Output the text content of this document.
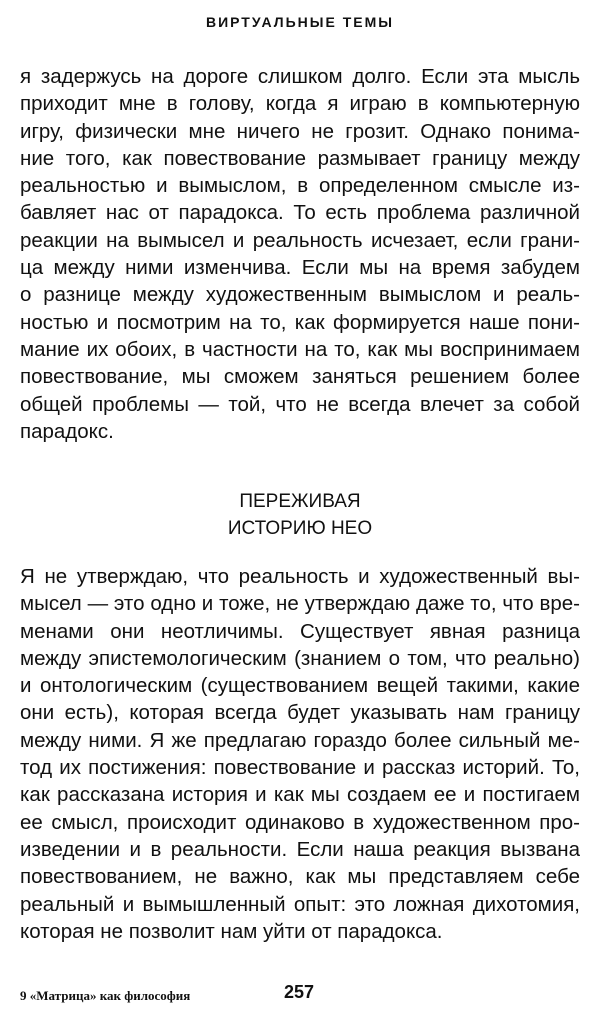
ВИРТУАЛЬНЫЕ ТЕМЫ
я задержусь на дороге слишком долго. Если эта мысль
приходит мне в голову, когда я играю в компьютерную
игру, физически мне ничего не грозит. Однако понима-
ние того, как повествование размывает границу между
реальностью и вымыслом, в определенном смысле из-
бавляет нас от парадокса. То есть проблема различной
реакции на вымысел и реальность исчезает, если грани-
ца между ними изменчива. Если мы на время забудем
о разнице между художественным вымыслом и реаль-
ностью и посмотрим на то, как формируется наше пони-
мание их обоих, в частности на то, как мы воспринимаем
повествование, мы сможем заняться решением более
общей проблемы — той, что не всегда влечет за собой
парадокс.
ПЕРЕЖИВАЯ
ИСТОРИЮ НЕО
Я не утверждаю, что реальность и художественный вы-
мысел — это одно и тоже, не утверждаю даже то, что вре-
менами они неотличимы. Существует явная разница
между эпистемологическим (знанием о том, что реально)
и онтологическим (существованием вещей такими, какие
они есть), которая всегда будет указывать нам границу
между ними. Я же предлагаю гораздо более сильный ме-
тод их постижения: повествование и рассказ историй. То,
как рассказана история и как мы создаем ее и постигаем
ее смысл, происходит одинаково в художественном про-
изведении и в реальности. Если наша реакция вызвана
повествованием, не важно, как мы представляем себе
реальный и вымышленный опыт: это ложная дихотомия,
которая не позволит нам уйти от парадокса.
9 «Матрица» как философия	257
